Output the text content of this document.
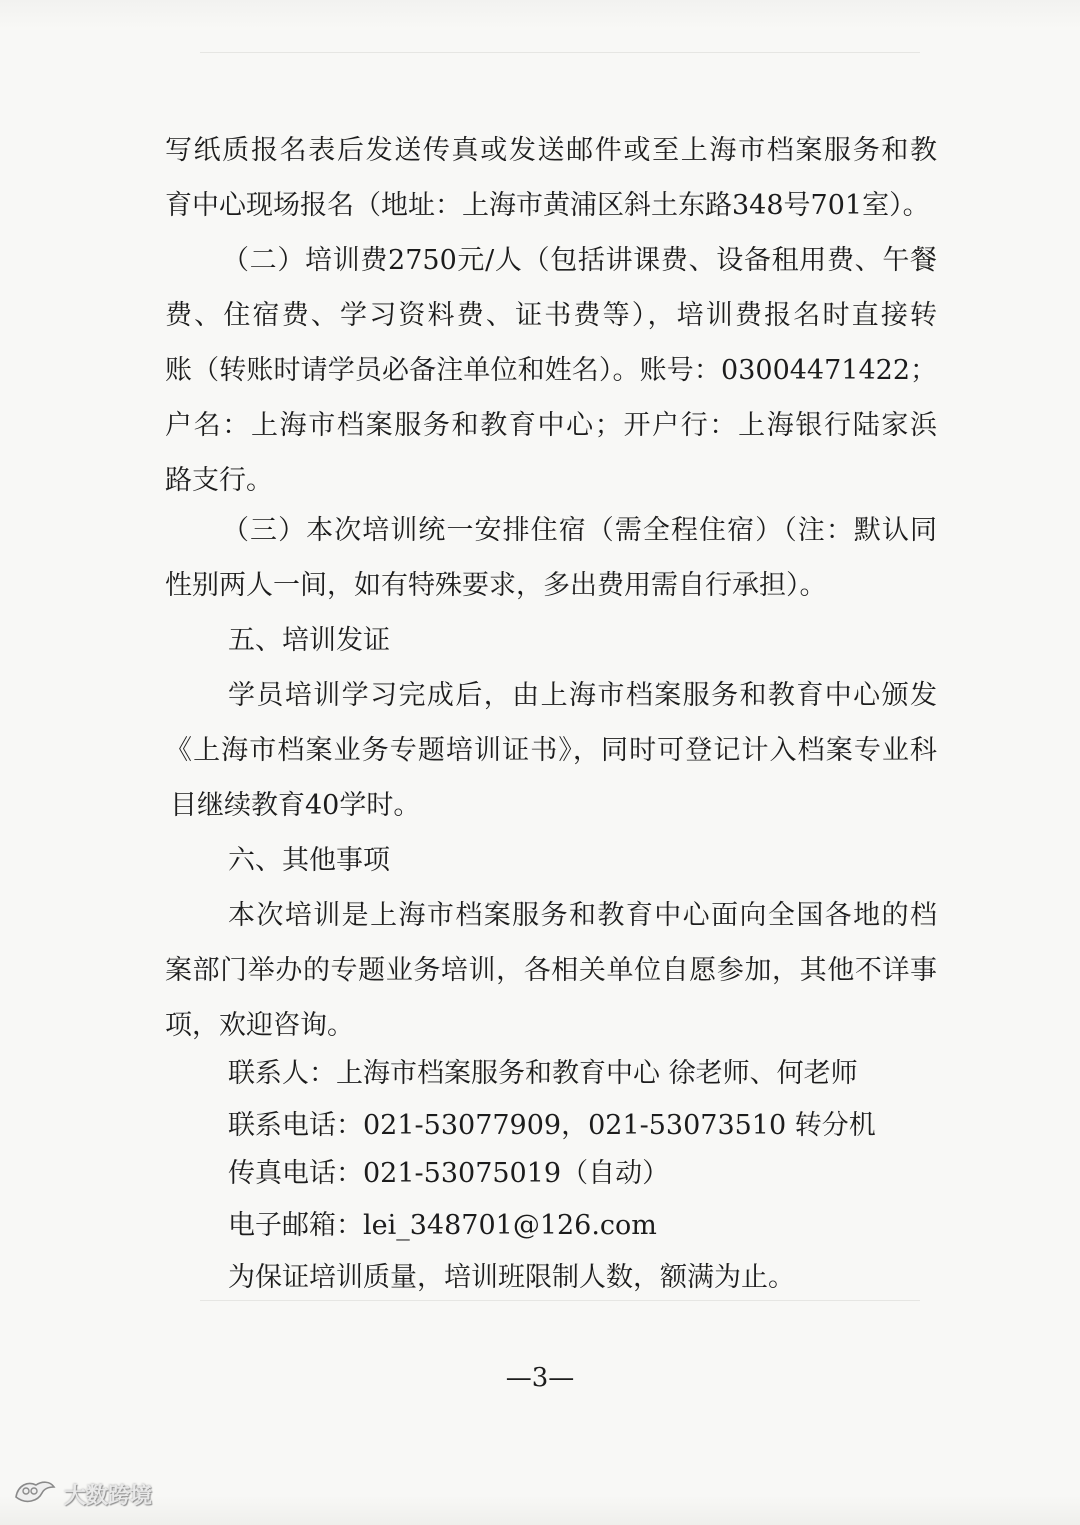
写纸质报名表后发送传真或发送邮件或至上海市档案服务和教
育中心现场报名（地址：上海市黄浦区斜土东路348号701室）。
（二）培训费2750元/人（包括讲课费、设备租用费、午餐
费、住宿费、学习资料费、证书费等），培训费报名时直接转
账（转账时请学员必备注单位和姓名）。账号：03004471422；
户名：上海市档案服务和教育中心；开户行：上海银行陆家浜
路支行。
（三）本次培训统一安排住宿（需全程住宿）（注：默认同
性别两人一间，如有特殊要求，多出费用需自行承担）。
五、培训发证
学员培训学习完成后，由上海市档案服务和教育中心颁发
《上海市档案业务专题培训证书》，同时可登记计入档案专业科
目继续教育40学时。
六、其他事项
本次培训是上海市档案服务和教育中心面向全国各地的档
案部门举办的专题业务培训，各相关单位自愿参加，其他不详事
项，欢迎咨询。
联系人：上海市档案服务和教育中心 徐老师、何老师
联系电话：021-53077909，021-53073510 转分机
传真电话：021-53075019（自动）
电子邮箱：lei_348701@126.com
为保证培训质量，培训班限制人数，额满为止。
—3—
大数跨境
